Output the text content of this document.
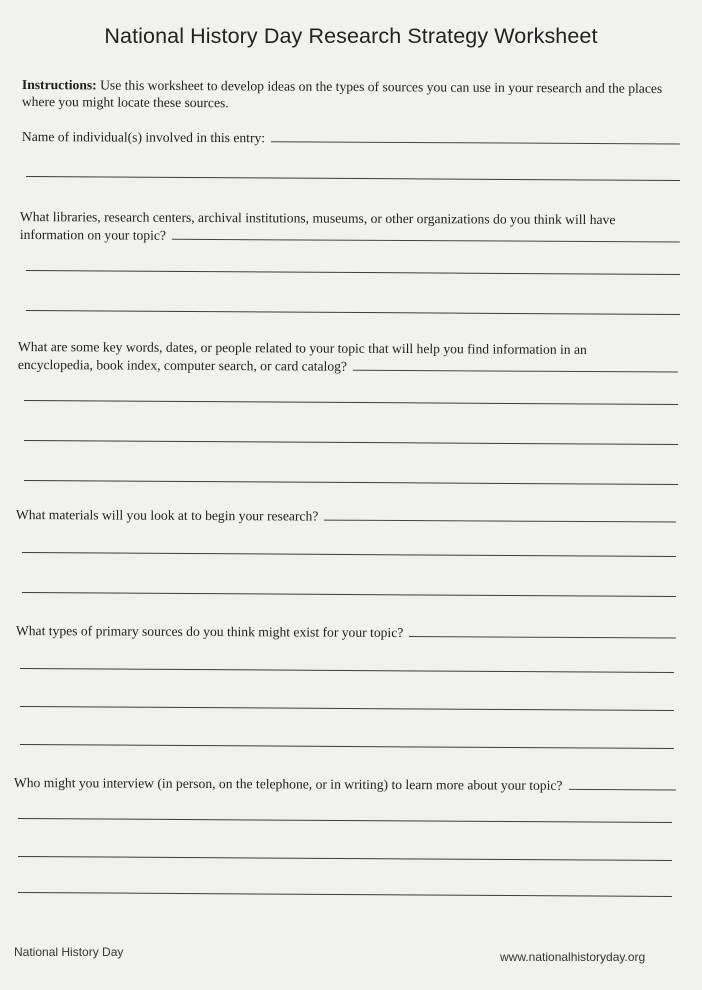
National History Day Research Strategy Worksheet
Instructions: Use this worksheet to develop ideas on the types of sources you can use in your research and the places where you might locate these sources.
Name of individual(s) involved in this entry:
What libraries, research centers, archival institutions, museums, or other organizations do you think will have
information on your topic?
What are some key words, dates, or people related to your topic that will help you find information in an
encyclopedia, book index, computer search, or card catalog?
What materials will you look at to begin your research?
What types of primary sources do you think might exist for your topic?
Who might you interview (in person, on the telephone, or in writing) to learn more about your topic?
National History Day	www.nationalhistoryday.org
